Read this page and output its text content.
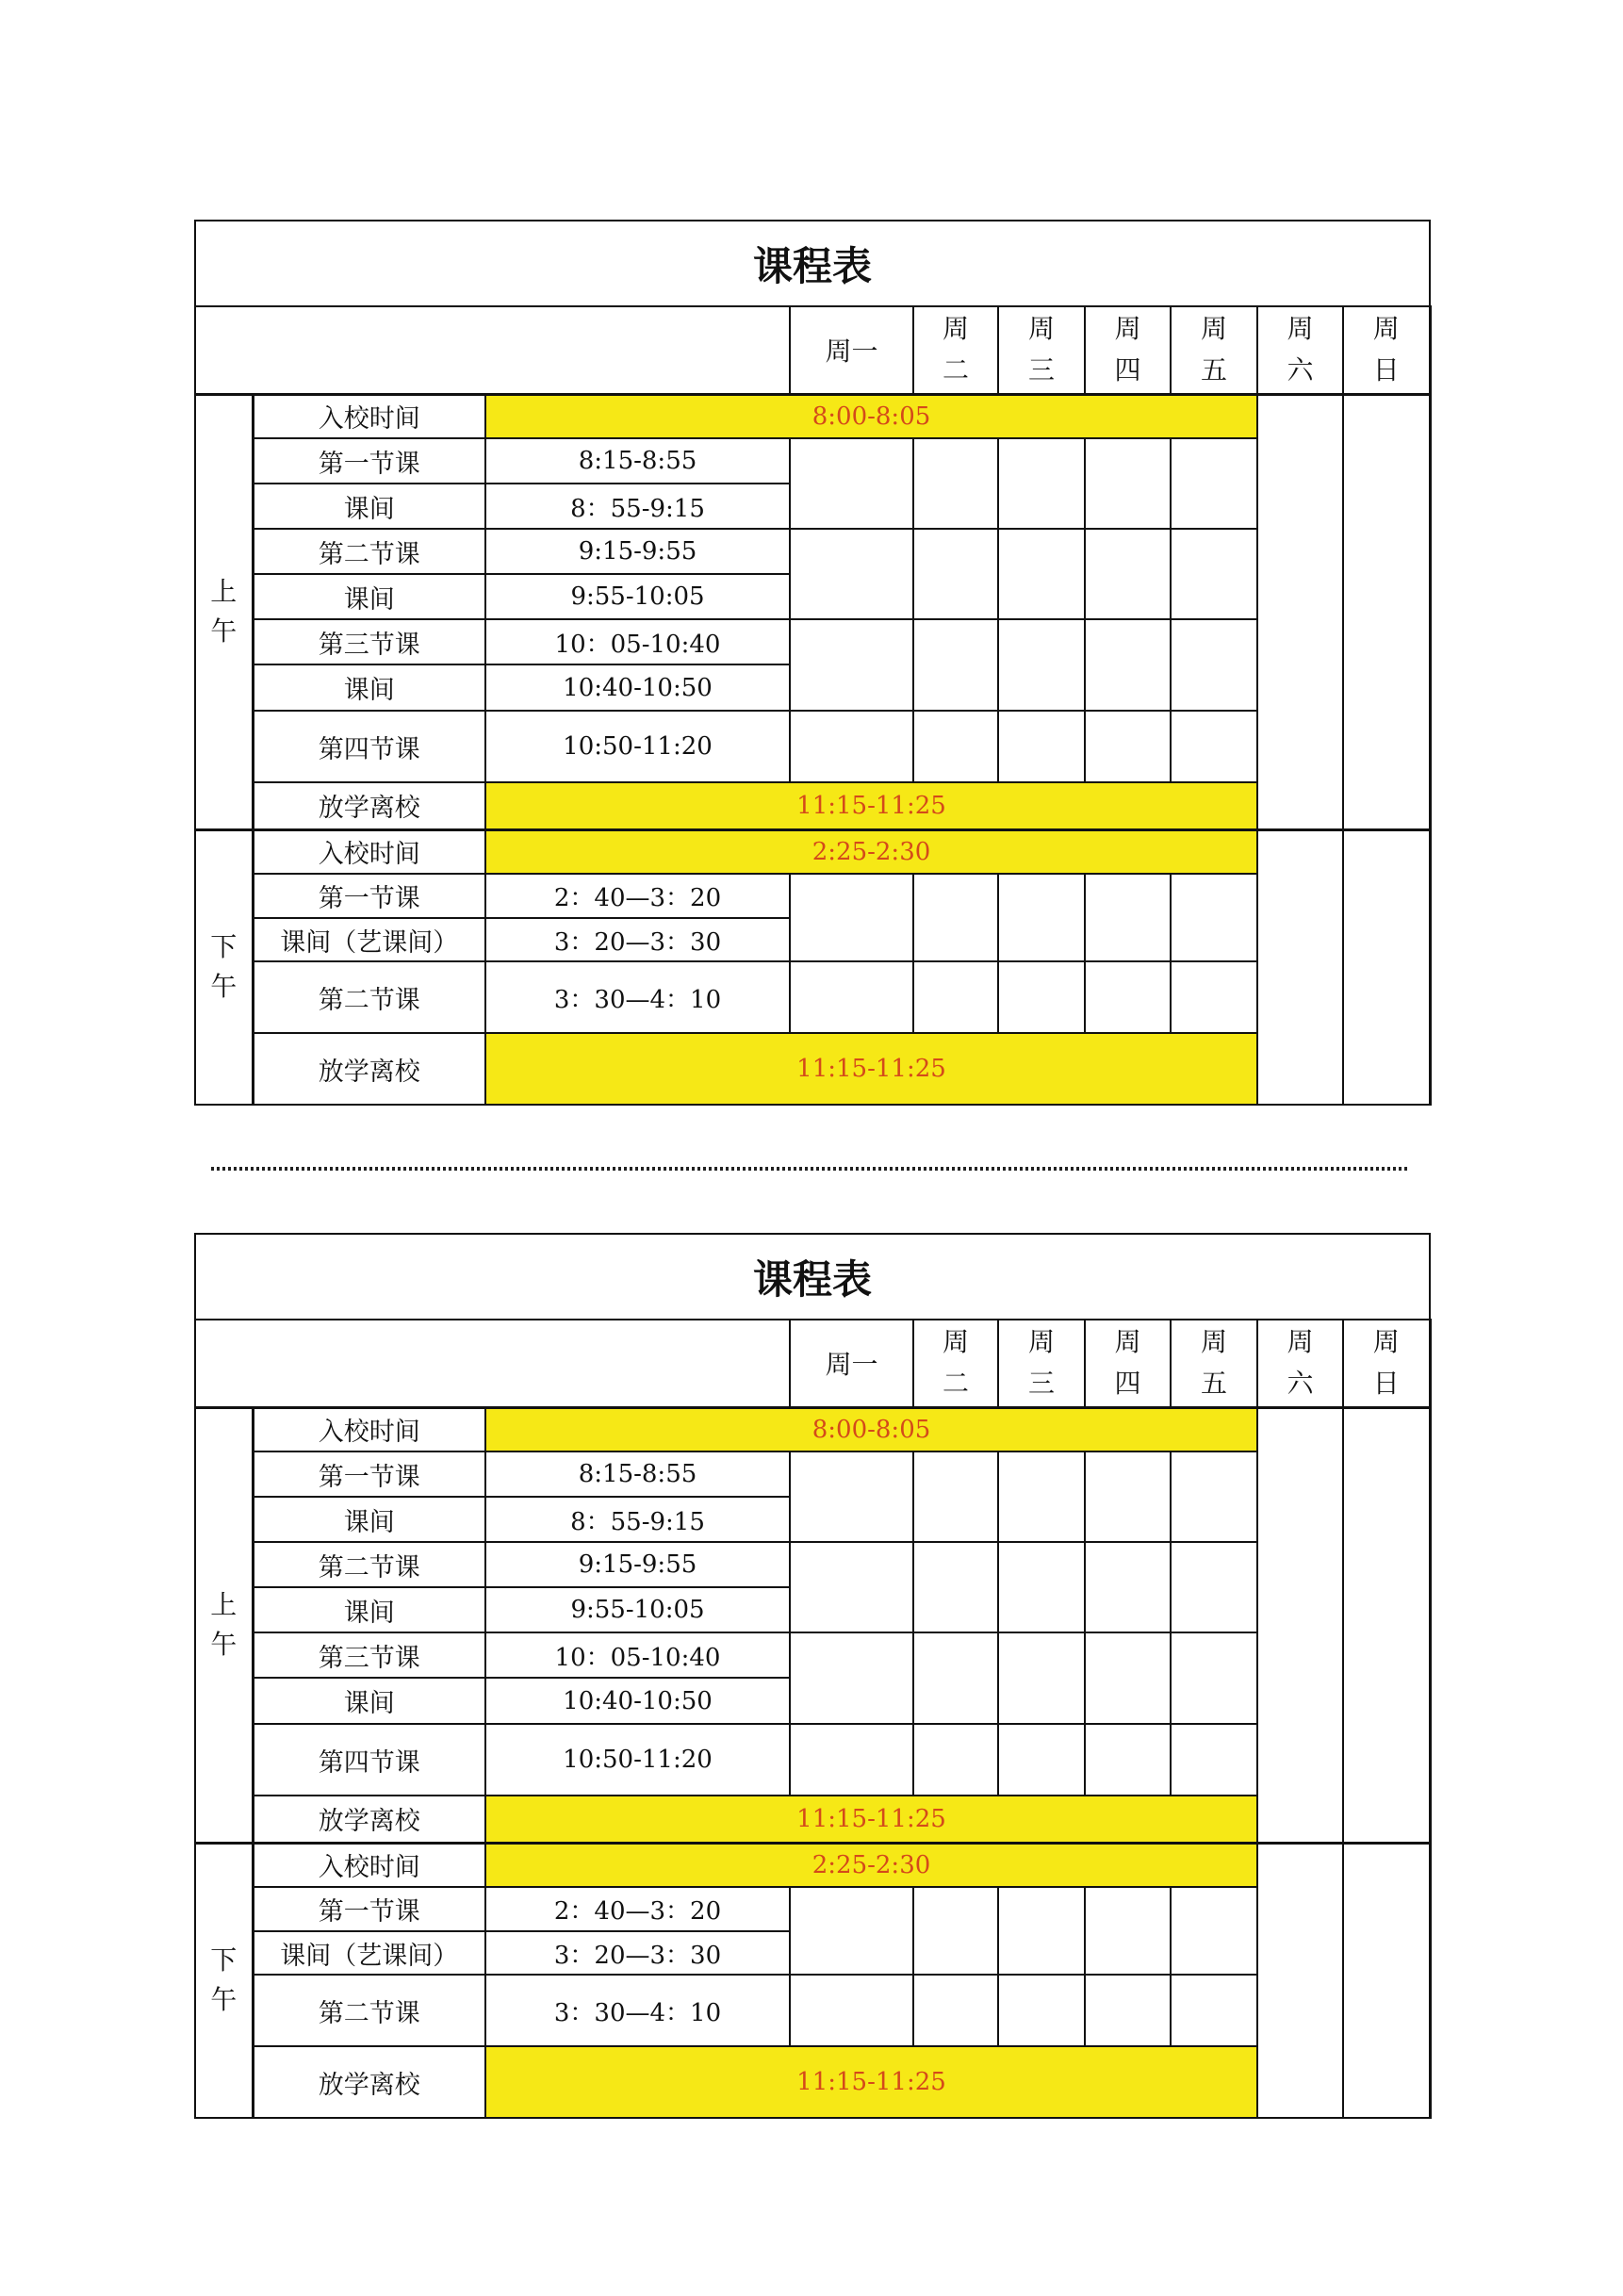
课程表									
			周一	周二	周三	周四	周五	周六	周日
上午	入校时间	8:00-8:05							
	第一节课	8:15-8:55							
	课间	8：55-9:15							
	第二节课	9:15-9:55							
	课间	9:55-10:05							
	第三节课	10：05-10:40							
	课间	10:40-10:50							
	第四节课	10:50-11:20							
	放学离校	11:15-11:25							
下午	入校时间	2:25-2:30							
	第一节课	2：40—3：20							
	课间（艺课间）	3：20—3：30							
	第二节课	3：30—4：10							
	放学离校	11:15-11:25							
课程表									
			周一	周二	周三	周四	周五	周六	周日
上午	入校时间	8:00-8:05							
	第一节课	8:15-8:55							
	课间	8：55-9:15							
	第二节课	9:15-9:55							
	课间	9:55-10:05							
	第三节课	10：05-10:40							
	课间	10:40-10:50							
	第四节课	10:50-11:20							
	放学离校	11:15-11:25							
下午	入校时间	2:25-2:30							
	第一节课	2：40—3：20							
	课间（艺课间）	3：20—3：30							
	第二节课	3：30—4：10							
	放学离校	11:15-11:25							
